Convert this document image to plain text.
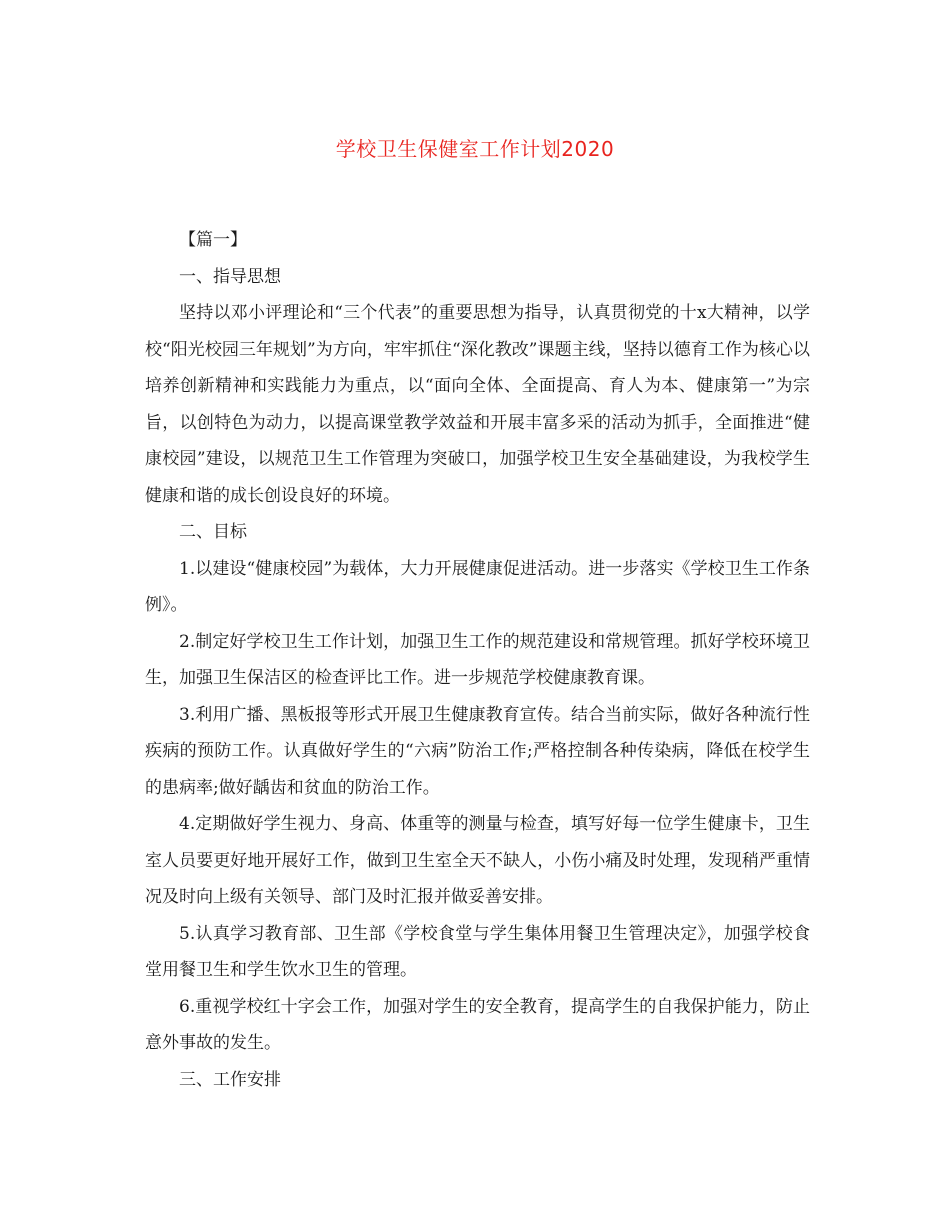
学校卫生保健室工作计划2020

【篇一】

一、指导思想

坚持以邓小评理论和“三个代表”的重要思想为指导，认真贯彻党的十x大精神，以学校“阳光校园三年规划”为方向，牢牢抓住“深化教改”课题主线，坚持以德育工作为核心以培养创新精神和实践能力为重点，以“面向全体、全面提高、育人为本、健康第一”为宗旨，以创特色为动力，以提高课堂教学效益和开展丰富多采的活动为抓手，全面推进“健康校园”建设，以规范卫生工作管理为突破口，加强学校卫生安全基础建设，为我校学生健康和谐的成长创设良好的环境。

二、目标

1.以建设“健康校园”为载体，大力开展健康促进活动。进一步落实《学校卫生工作条例》。

2.制定好学校卫生工作计划，加强卫生工作的规范建设和常规管理。抓好学校环境卫生，加强卫生保洁区的检查评比工作。进一步规范学校健康教育课。

3.利用广播、黑板报等形式开展卫生健康教育宣传。结合当前实际，做好各种流行性疾病的预防工作。认真做好学生的“六病”防治工作;严格控制各种传染病，降低在校学生的患病率;做好龋齿和贫血的防治工作。

4.定期做好学生视力、身高、体重等的测量与检查，填写好每一位学生健康卡，卫生室人员要更好地开展好工作，做到卫生室全天不缺人，小伤小痛及时处理，发现稍严重情况及时向上级有关领导、部门及时汇报并做妥善安排。

5.认真学习教育部、卫生部《学校食堂与学生集体用餐卫生管理决定》，加强学校食堂用餐卫生和学生饮水卫生的管理。

6.重视学校红十字会工作，加强对学生的安全教育，提高学生的自我保护能力，防止意外事故的发生。

三、工作安排
